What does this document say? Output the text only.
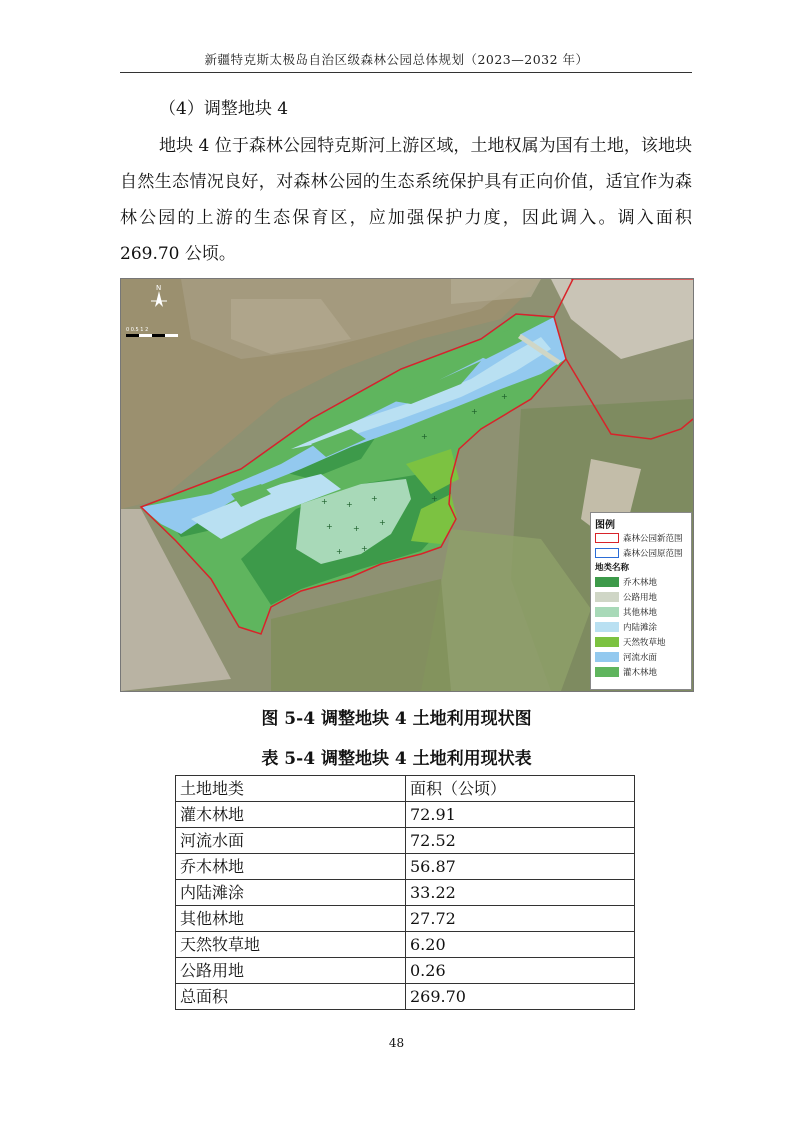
新疆特克斯太极岛自治区级森林公园总体规划（2023—2032 年）
（4）调整地块 4

地块 4 位于森林公园特克斯河上游区域，土地权属为国有土地，该地块自然生态情况良好，对森林公园的生态系统保护具有正向价值，适宜作为森林公园的上游的生态保育区，应加强保护力度，因此调入。调入面积 269.70 公顷。

+ +
+
+	+
+
+ +
+
+
+
+
N
0 0.5 1 2
图例
森林公园新范围
森林公园原范围
地类名称
乔木林地
公路用地
其他林地
内陆滩涂
天然牧草地
河流水面
灌木林地
图 5-4 调整地块 4 土地利用现状图
表 5-4 调整地块 4 土地利用现状表
土地地类	面积（公顷）
灌木林地	72.91
河流水面	72.52
乔木林地	56.87
内陆滩涂	33.22
其他林地	27.72
天然牧草地	6.20
公路用地	0.26
总面积	269.70
48
